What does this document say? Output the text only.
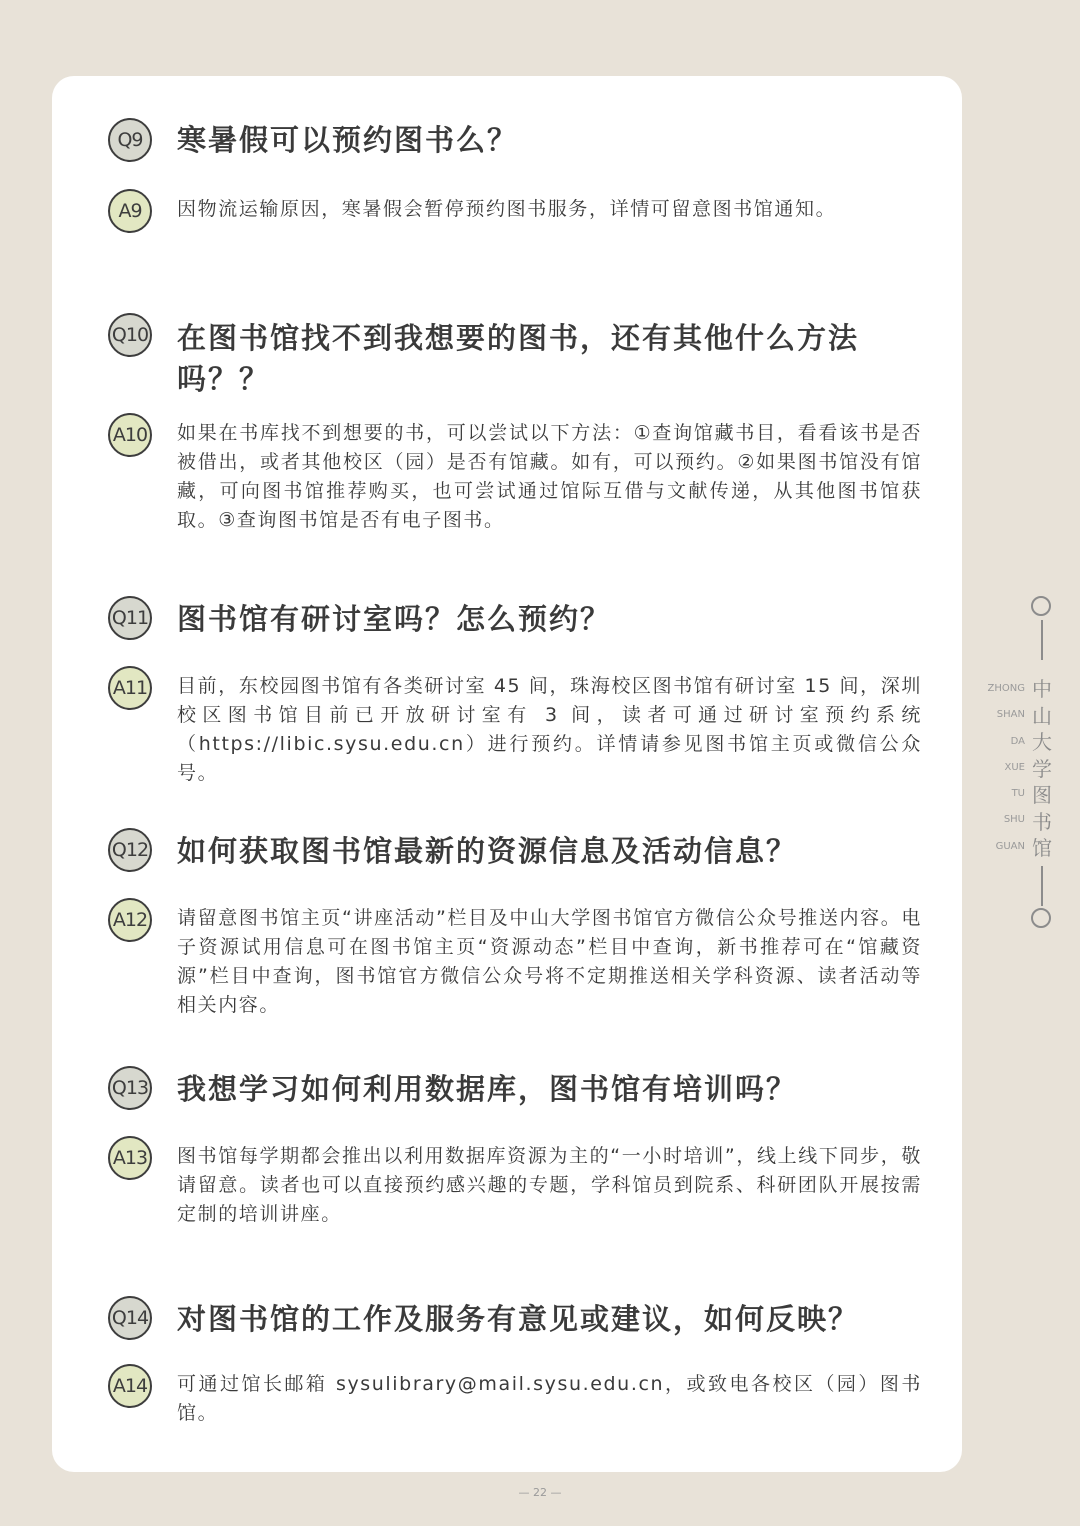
Q9	寒暑假可以预约图书么？
A9	因物流运输原因，寒暑假会暂停预约图书服务，详情可留意图书馆通知。
Q10 在图书馆找不到我想要的图书，还有其他什么方法吗？？
A10 如果在书库找不到想要的书，可以尝试以下方法：①查询馆藏书目，看看该书是否被借出，或者其他校区（园）是否有馆藏。如有，可以预约。②如果图书馆没有馆藏，可向图书馆推荐购买，也可尝试通过馆际互借与文献传递，从其他图书馆获取。③查询图书馆是否有电子图书。
Q11 图书馆有研讨室吗？怎么预约？
A11 目前，东校园图书馆有各类研讨室 45 间，珠海校区图书馆有研讨室 15 间，深圳校区图书馆目前已开放研讨室有 3 间，读者可通过研讨室预约系统（https://libic.sysu.edu.cn）进行预约。详情请参见图书馆主页或微信公众号。
Q12 如何获取图书馆最新的资源信息及活动信息？
A12 请留意图书馆主页“讲座活动”栏目及中山大学图书馆官方微信公众号推送内容。电子资源试用信息可在图书馆主页“资源动态”栏目中查询，新书推荐可在“馆藏资源”栏目中查询，图书馆官方微信公众号将不定期推送相关学科资源、读者活动等相关内容。
Q13 我想学习如何利用数据库，图书馆有培训吗？
A13 图书馆每学期都会推出以利用数据库资源为主的“一小时培训”，线上线下同步，敬请留意。读者也可以直接预约感兴趣的专题，学科馆员到院系、科研团队开展按需定制的培训讲座。
Q14 对图书馆的工作及服务有意见或建议，如何反映？
A14 可通过馆长邮箱 sysulibrary@mail.sysu.edu.cn，或致电各校区（园）图书馆。
ZHONG
SHAN
DA
XUE
TU
SHU
GUAN
中
山
大
学
图
书
馆
— 22 —
